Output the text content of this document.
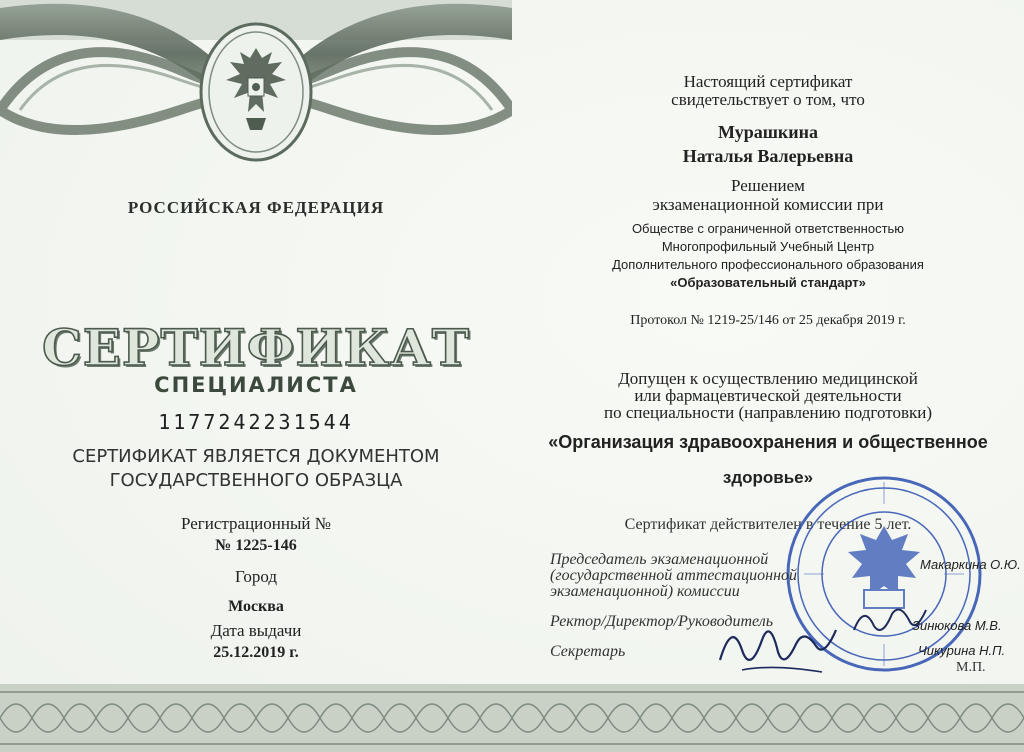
РОССИЙСКАЯ ФЕДЕРАЦИЯ
СЕРТИФИКАТ
СПЕЦИАЛИСТА
1177242231544
СЕРТИФИКАТ ЯВЛЯЕТСЯ ДОКУМЕНТОМ
ГОСУДАРСТВЕННОГО ОБРАЗЦА
Регистрационный №
№ 1225-146
Город
Москва
Дата выдачи
25.12.2019 г.
Настоящий сертификат
свидетельствует о том, что
Мурашкина
Наталья Валерьевна
Решением
экзаменационной комиссии при
Обществе с ограниченной ответственностью
Многопрофильный Учебный Центр
Дополнительного профессионального образования
«Образовательный стандарт»
Протокол № 1219-25/146 от 25 декабря 2019 г.
Допущен к осуществлению медицинской
или фармацевтической деятельности
по специальности (направлению подготовки)
«Организация здравоохранения и общественное
здоровье»
Сертификат действителен в течение 5 лет.
Председатель экзаменационной
(государственной аттестационной
экзаменационной) комиссии
Ректор/Директор/Руководитель
Секретарь
Макаркина О.Ю.
Зинюкова М.В.
Чикурина Н.П.
М.П.
